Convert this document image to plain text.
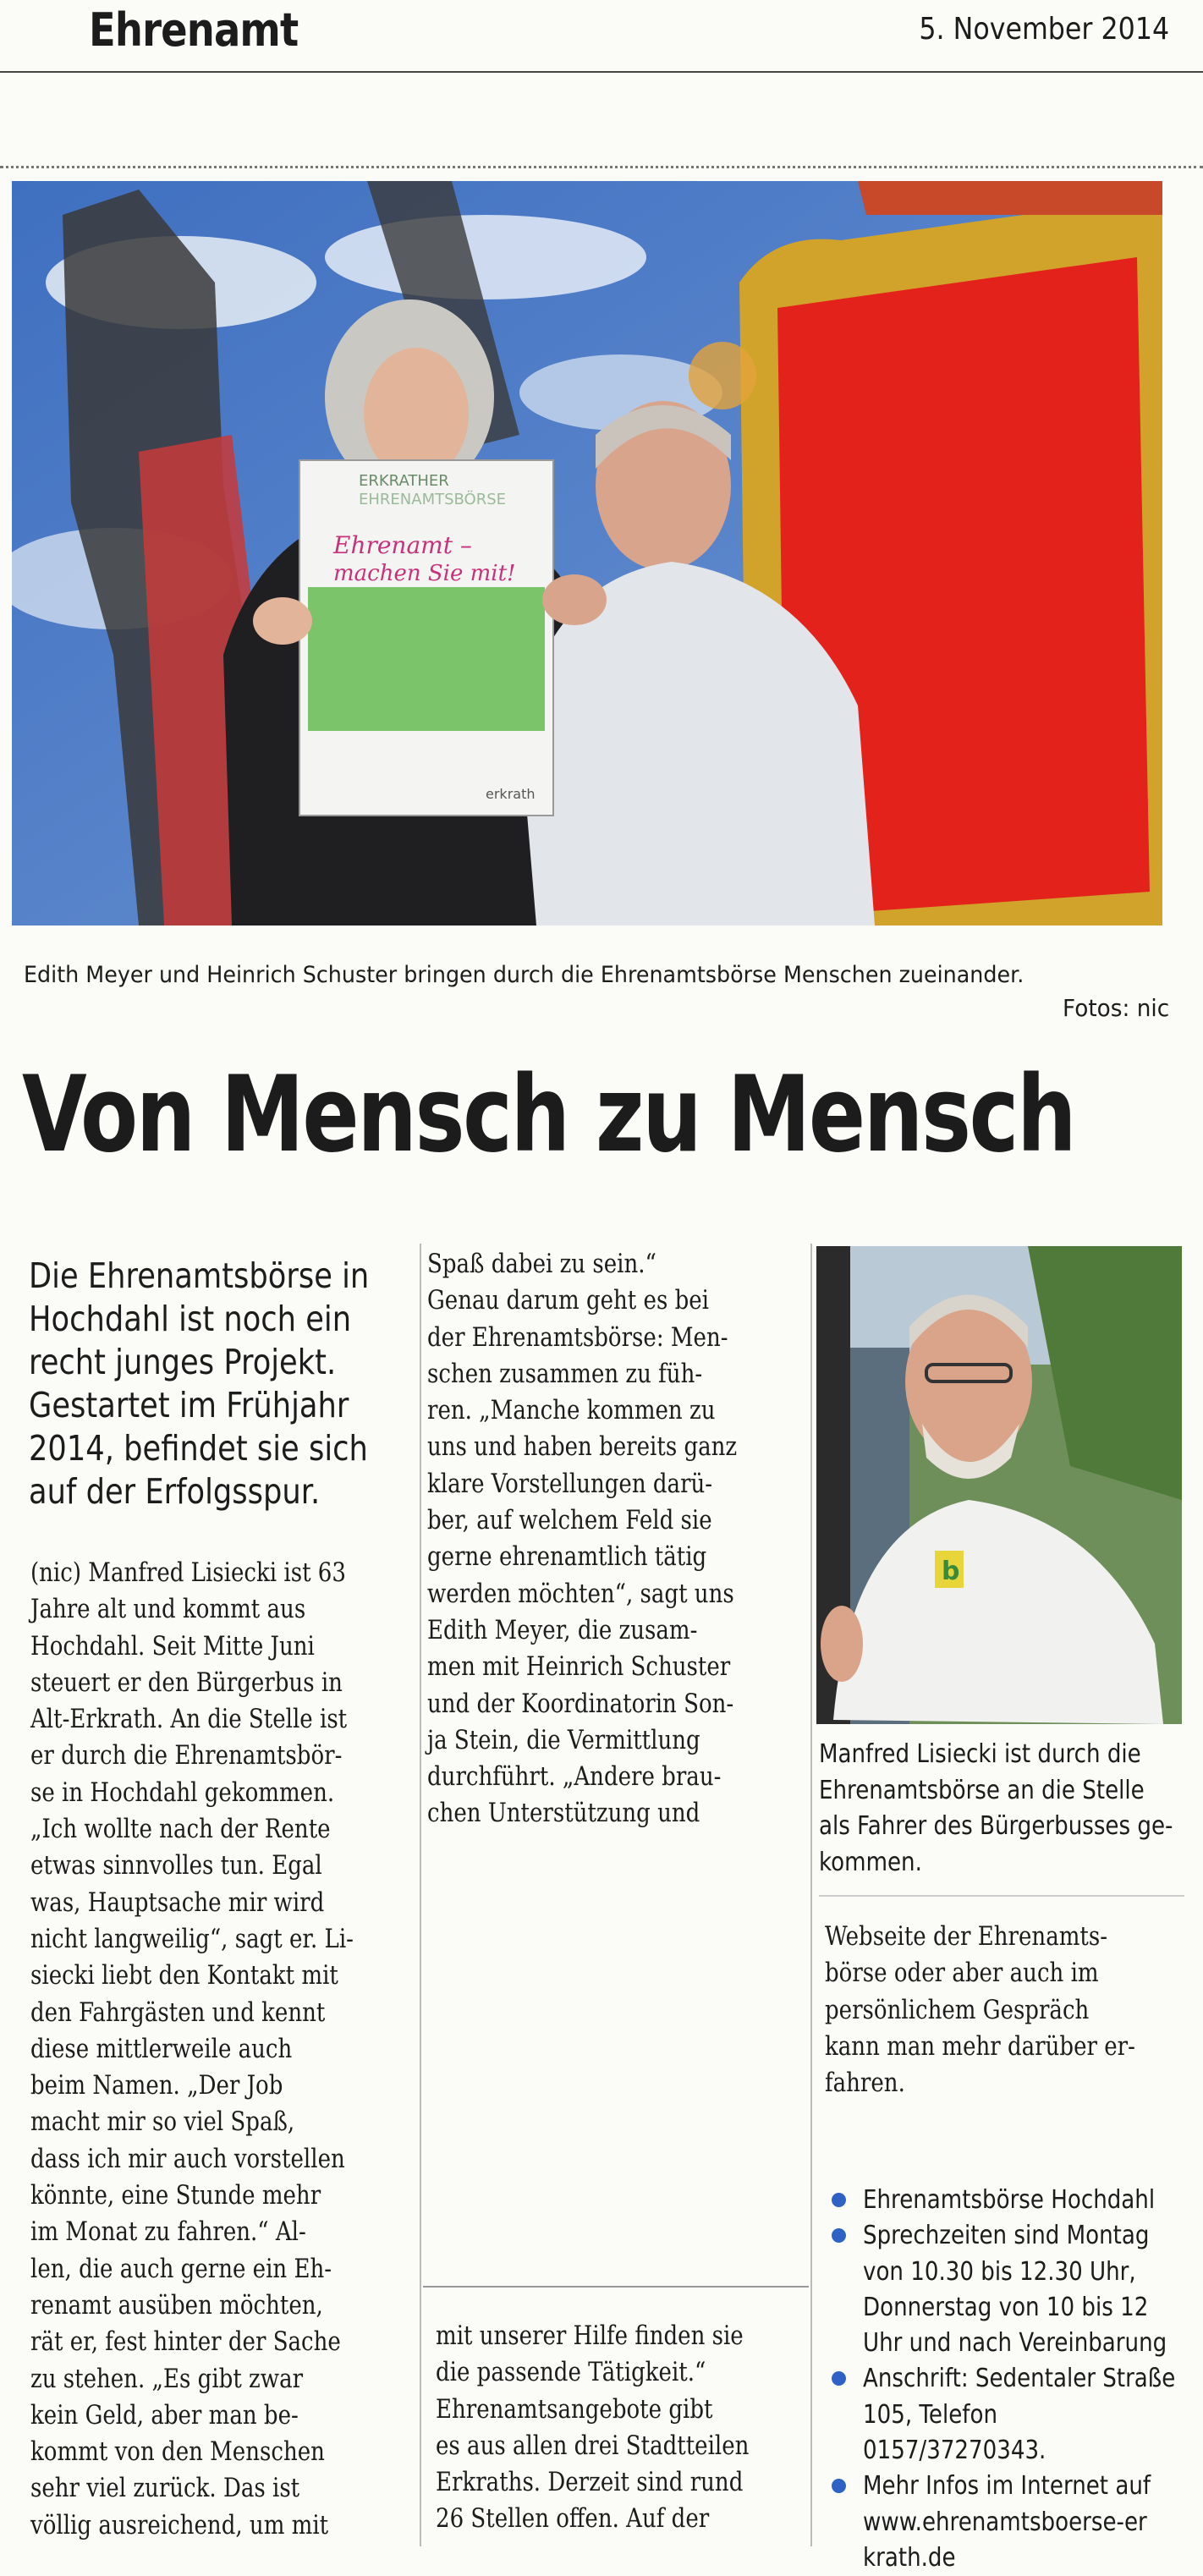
Ehrenamt	5. November 2014
ERKRATHER
EHRENAMTSBÖRSE
Ehrenamt –
machen Sie mit!
erkrath
Edith Meyer und Heinrich Schuster bringen durch die Ehrenamtsbörse Menschen zueinander.
Fotos: nic
Von Mensch zu Mensch
Die Ehrenamtsbörse in
Hochdahl ist noch ein
recht junges Projekt.
Gestartet im Frühjahr
2014, befindet sie sich
auf der Erfolgsspur.
(nic) Manfred Lisiecki ist 63
Jahre alt und kommt aus
Hochdahl. Seit Mitte Juni
steuert er den Bürgerbus in
Alt-Erkrath. An die Stelle ist
er durch die Ehrenamtsbör-
se in Hochdahl gekommen.
„Ich wollte nach der Rente
etwas sinnvolles tun. Egal
was, Hauptsache mir wird
nicht langweilig“, sagt er. Li-
siecki liebt den Kontakt mit
den Fahrgästen und kennt
diese mittlerweile auch
beim Namen. „Der Job
macht mir so viel Spaß,
dass ich mir auch vorstellen
könnte, eine Stunde mehr
im Monat zu fahren.“ Al-
len, die auch gerne ein Eh-
renamt ausüben möchten,
rät er, fest hinter der Sache
zu stehen. „Es gibt zwar
kein Geld, aber man be-
kommt von den Menschen
sehr viel zurück. Das ist
völlig ausreichend, um mit
Spaß dabei zu sein.“
Genau darum geht es bei
der Ehrenamtsbörse: Men-
schen zusammen zu füh-
ren. „Manche kommen zu
uns und haben bereits ganz
klare Vorstellungen darü-
ber, auf welchem Feld sie
gerne ehrenamtlich tätig
werden möchten“, sagt uns
Edith Meyer, die zusam-
men mit Heinrich Schuster
und der Koordinatorin Son-
ja Stein, die Vermittlung
durchführt. „Andere brau-
chen Unterstützung und
mit unserer Hilfe finden sie
die passende Tätigkeit.“
Ehrenamtsangebote gibt
es aus allen drei Stadtteilen
Erkraths. Derzeit sind rund
26 Stellen offen. Auf der
b
Manfred Lisiecki ist durch die
Ehrenamtsbörse an die Stelle
als Fahrer des Bürgerbusses ge-
kommen.
Webseite der Ehrenamts-
börse oder aber auch im
persönlichem Gespräch
kann man mehr darüber er-
fahren.
Ehrenamtsbörse Hochdahl
Sprechzeiten sind Montag
von 10.30 bis 12.30 Uhr,
Donnerstag von 10 bis 12
Uhr und nach Vereinbarung
Anschrift: Sedentaler Straße
105, Telefon
0157/37270343.
Mehr Infos im Internet auf
www.ehrenamtsboerse-er
krath.de
